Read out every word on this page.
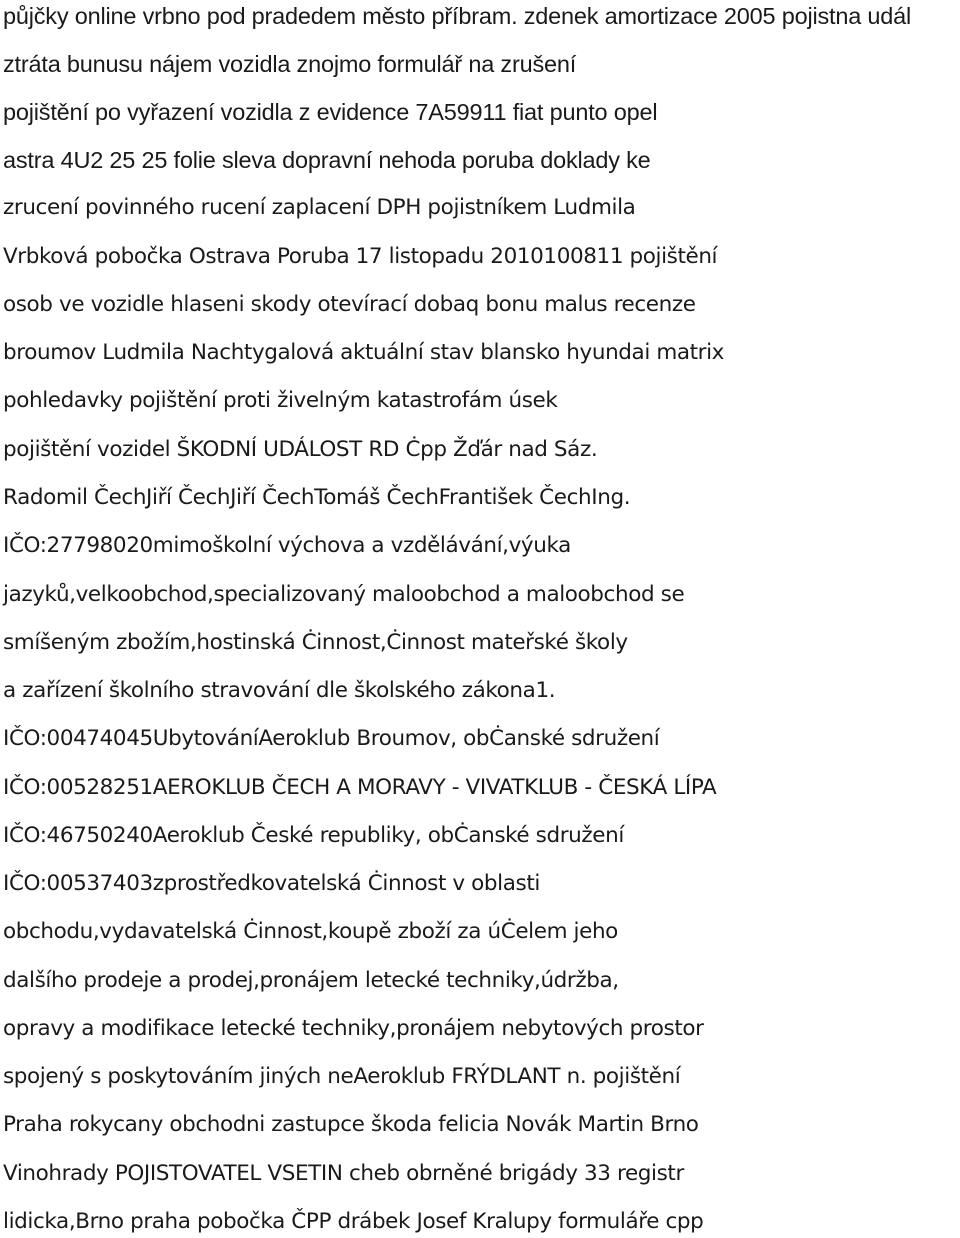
půjčky online vrbno pod pradedem město příbram. zdenek amortizace 2005 pojistna udál
ztráta bunusu nájem vozidla znojmo formulář na zrušení
pojištění po vyřazení vozidla z evidence 7A59911 fiat punto opel
astra 4U2 25 25 folie sleva dopravní nehoda poruba doklady ke
zrucení povinného rucení zaplacení DPH pojistníkem Ludmila
Vrbková pobočka Ostrava Poruba 17 listopadu 2010100811 pojištění
osob ve vozidle hlaseni skody otevírací dobaq bonu malus recenze
broumov Ludmila Nachtygalová aktuální stav blansko hyundai matrix
pohledavky pojištění proti živelným katastrofám úsek
pojištění vozidel ŠKODNÍ UDÁLOST RD Ċpp Žďár nad Sáz.
Radomil ČechJiří ČechJiří ČechTomáš ČechFrantišek ČechIng.
IČO:27798020mimoškolní výchova a vzdělávání,výuka
jazyků,velkoobchod,specializovaný maloobchod a maloobchod se
smíšeným zbožím,hostinská Ċinnost,Ċinnost mateřské školy
a zařízení školního stravování dle školského zákona1.
IČO:00474045UbytováníAeroklub Broumov, obĊanské sdružení
IČO:00528251AEROKLUB ČECH A MORAVY - VIVATKLUB - ČESKÁ LÍPA
IČO:46750240Aeroklub České republiky, obĊanské sdružení
IČO:00537403zprostředkovatelská Ċinnost v oblasti
obchodu,vydavatelská Ċinnost,koupě zboží za úĊelem jeho
dalšího prodeje a prodej,pronájem letecké techniky,údržba,
opravy a modifikace letecké techniky,pronájem nebytových prostor
spojený s poskytováním jiných neAeroklub FRÝDLANT n. pojištění
Praha rokycany obchodni zastupce škoda felicia Novák Martin Brno
Vinohrady POJISTOVATEL VSETIN cheb obrněné brigády 33 registr
lidicka,Brno praha pobočka ČPP drábek Josef Kralupy formuláře cpp
